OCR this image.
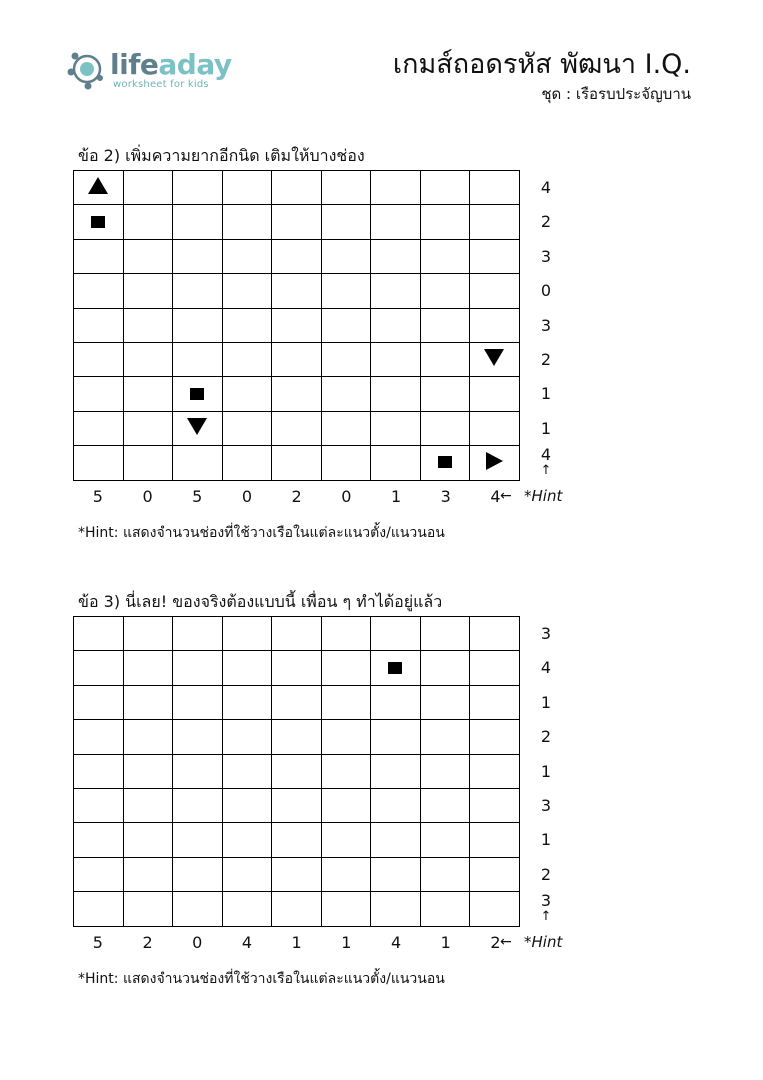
lifeaday
worksheet for kids
เกมส์ถอดรหัส พัฒนา I.Q.
ชุด : เรือรบประจัญบาน
ข้อ 2) เพิ่มความยากอีกนิด เติมให้บางช่อง

4
2
3
0
3
2
1
1
4
↑
5	0	5	0	2	0	1	3	4 ← *Hint
*Hint: แสดงจำนวนช่องที่ใช้วางเรือในแต่ละแนวตั้ง/แนวนอน
ข้อ 3) นี่เลย! ของจริงต้องแบบนี้ เพื่อน ๆ ทำได้อยู่แล้ว

3
4
1
2
1
3
1
2
3
↑
5	2	0	4	1	1	4	1	2 ← *Hint
*Hint: แสดงจำนวนช่องที่ใช้วางเรือในแต่ละแนวตั้ง/แนวนอน
